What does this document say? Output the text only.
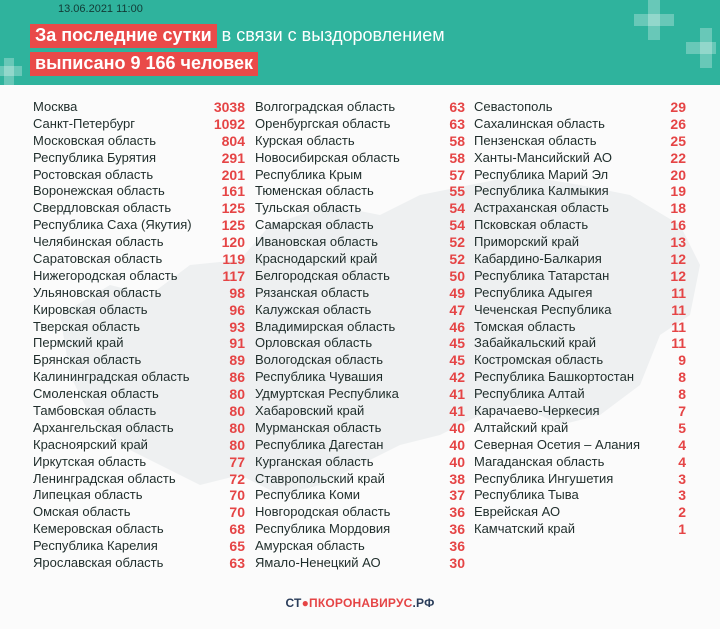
13.06.2021 11:00
За последние сутки в связи с выздоровлением
выписано 9 166 человек
Москва	3038
Санкт-Петербург	1092
Московская область	804
Республика Бурятия	291
Ростовская область	201
Воронежская область	161
Свердловская область	125
Республика Саха (Якутия) 125
Челябинская область	120
Саратовская область	119
Нижегородская область	117
Ульяновская область	98
Кировская область	96
Тверская область	93
Пермский край	91
Брянская область	89
Калининградская область	86
Смоленская область	80
Тамбовская область	80
Архангельская область	80
Красноярский край	80
Иркутская область	77
Ленинградская область	72
Липецкая область	70
Омская область	70
Кемеровская область	68
Республика Карелия	65
Ярославская область	63
Волгоградская область	63
Оренбургская область	63
Курская область	58
Новосибирская область	58
Республика Крым	57
Тюменская область	55
Тульская область	54
Самарская область	54
Ивановская область	52
Краснодарский край	52
Белгородская область	50
Рязанская область	49
Калужская область	47
Владимирская область	46
Орловская область	45
Вологодская область	45
Республика Чувашия	42
Удмуртская Республика	41
Хабаровский край	41
Мурманская область	40
Республика Дагестан	40
Курганская область	40
Ставропольский край	38
Республика Коми	37
Новгородская область	36
Республика Мордовия	36
Амурская область	36
Ямало-Ненецкий АО	30
Севастополь	29
Сахалинская область	26
Пензенская область	25
Ханты-Мансийский АО	22
Республика Марий Эл	20
Республика Калмыкия	19
Астраханская область	18
Псковская область	16
Приморский край	13
Кабардино-Балкария	12
Республика Татарстан	12
Республика Адыгея	11
Чеченская Республика	11
Томская область	11
Забайкальский край	11
Костромская область	9
Республика Башкортостан	8
Республика Алтай	8
Карачаево-Черкесия	7
Алтайский край	5
Северная Осетия – Алания	4
Магаданская область	4
Республика Ингушетия	3
Республика Тыва	3
Еврейская АО	2
Камчатский край	1
СТ●ПКОРОНАВИРУС.РФ
